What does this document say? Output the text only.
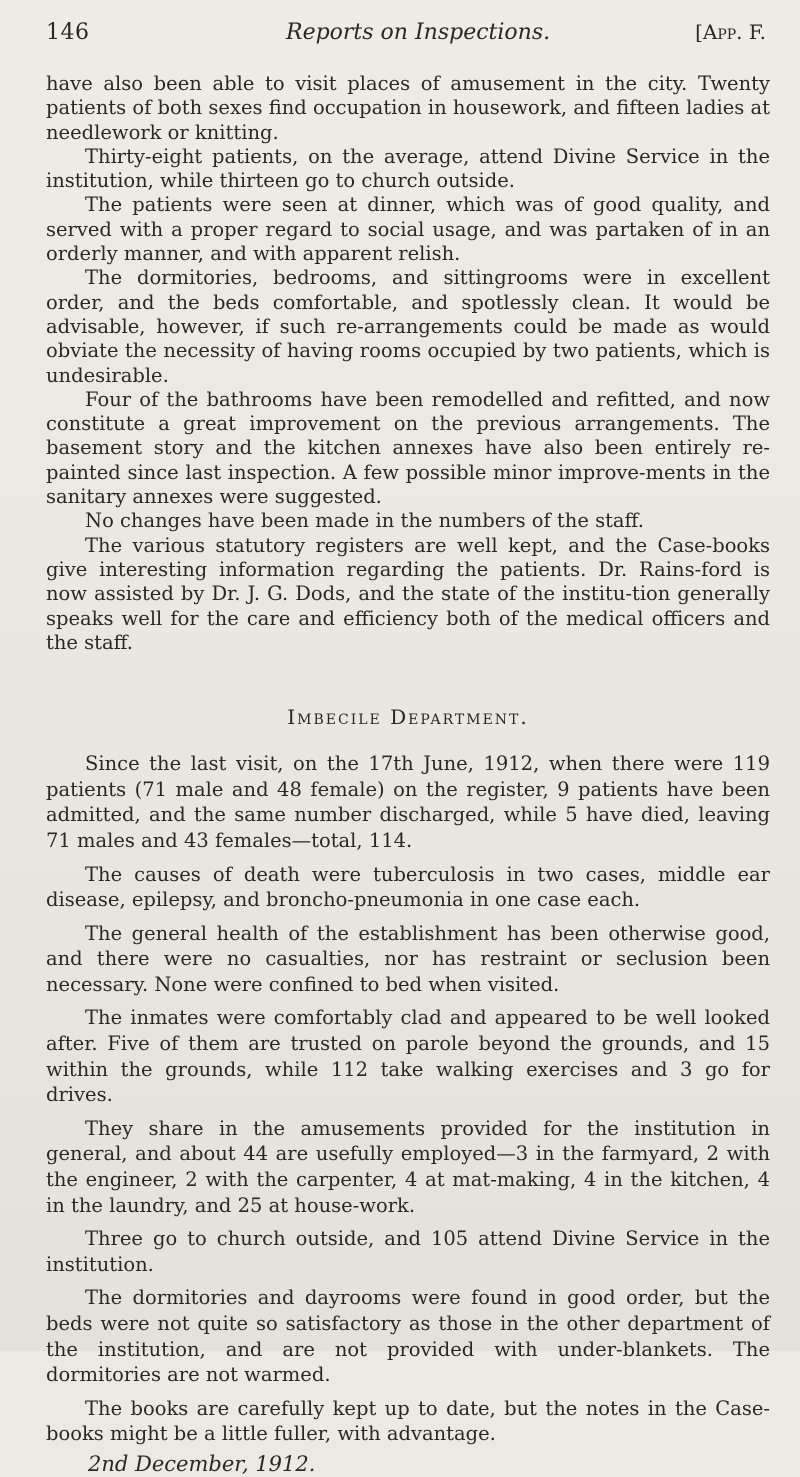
146	Reports on Inspections.	[App. F.

have also been able to visit places of amusement in the city. Twenty patients of both sexes find occupation in housework, and fifteen ladies at needlework or knitting.

Thirty-eight patients, on the average, attend Divine Service in the institution, while thirteen go to church outside.

The patients were seen at dinner, which was of good quality, and served with a proper regard to social usage, and was partaken of in an orderly manner, and with apparent relish.

The dormitories, bedrooms, and sittingrooms were in excellent order, and the beds comfortable, and spotlessly clean. It would be advisable, however, if such re-arrangements could be made as would obviate the necessity of having rooms occupied by two patients, which is undesirable.

Four of the bathrooms have been remodelled and refitted, and now constitute a great improvement on the previous arrangements. The basement story and the kitchen annexes have also been entirely re-painted since last inspection. A few possible minor improve-ments in the sanitary annexes were suggested.

No changes have been made in the numbers of the staff.

The various statutory registers are well kept, and the Case-books give interesting information regarding the patients. Dr. Rains-ford is now assisted by Dr. J. G. Dods, and the state of the institu-tion generally speaks well for the care and efficiency both of the medical officers and the staff.

Imbecile Department.

Since the last visit, on the 17th June, 1912, when there were 119 patients (71 male and 48 female) on the register, 9 patients have been admitted, and the same number discharged, while 5 have died, leaving 71 males and 43 females—total, 114.

The causes of death were tuberculosis in two cases, middle ear disease, epilepsy, and broncho-pneumonia in one case each.

The general health of the establishment has been otherwise good, and there were no casualties, nor has restraint or seclusion been necessary. None were confined to bed when visited.

The inmates were comfortably clad and appeared to be well looked after. Five of them are trusted on parole beyond the grounds, and 15 within the grounds, while 112 take walking exercises and 3 go for drives.

They share in the amusements provided for the institution in general, and about 44 are usefully employed—3 in the farmyard, 2 with the engineer, 2 with the carpenter, 4 at mat-making, 4 in the kitchen, 4 in the laundry, and 25 at house-work.

Three go to church outside, and 105 attend Divine Service in the institution.

The dormitories and dayrooms were found in good order, but the beds were not quite so satisfactory as those in the other department of the institution, and are not provided with under-blankets. The dormitories are not warmed.

The books are carefully kept up to date, but the notes in the Case-books might be a little fuller, with advantage.

2nd December, 1912.
